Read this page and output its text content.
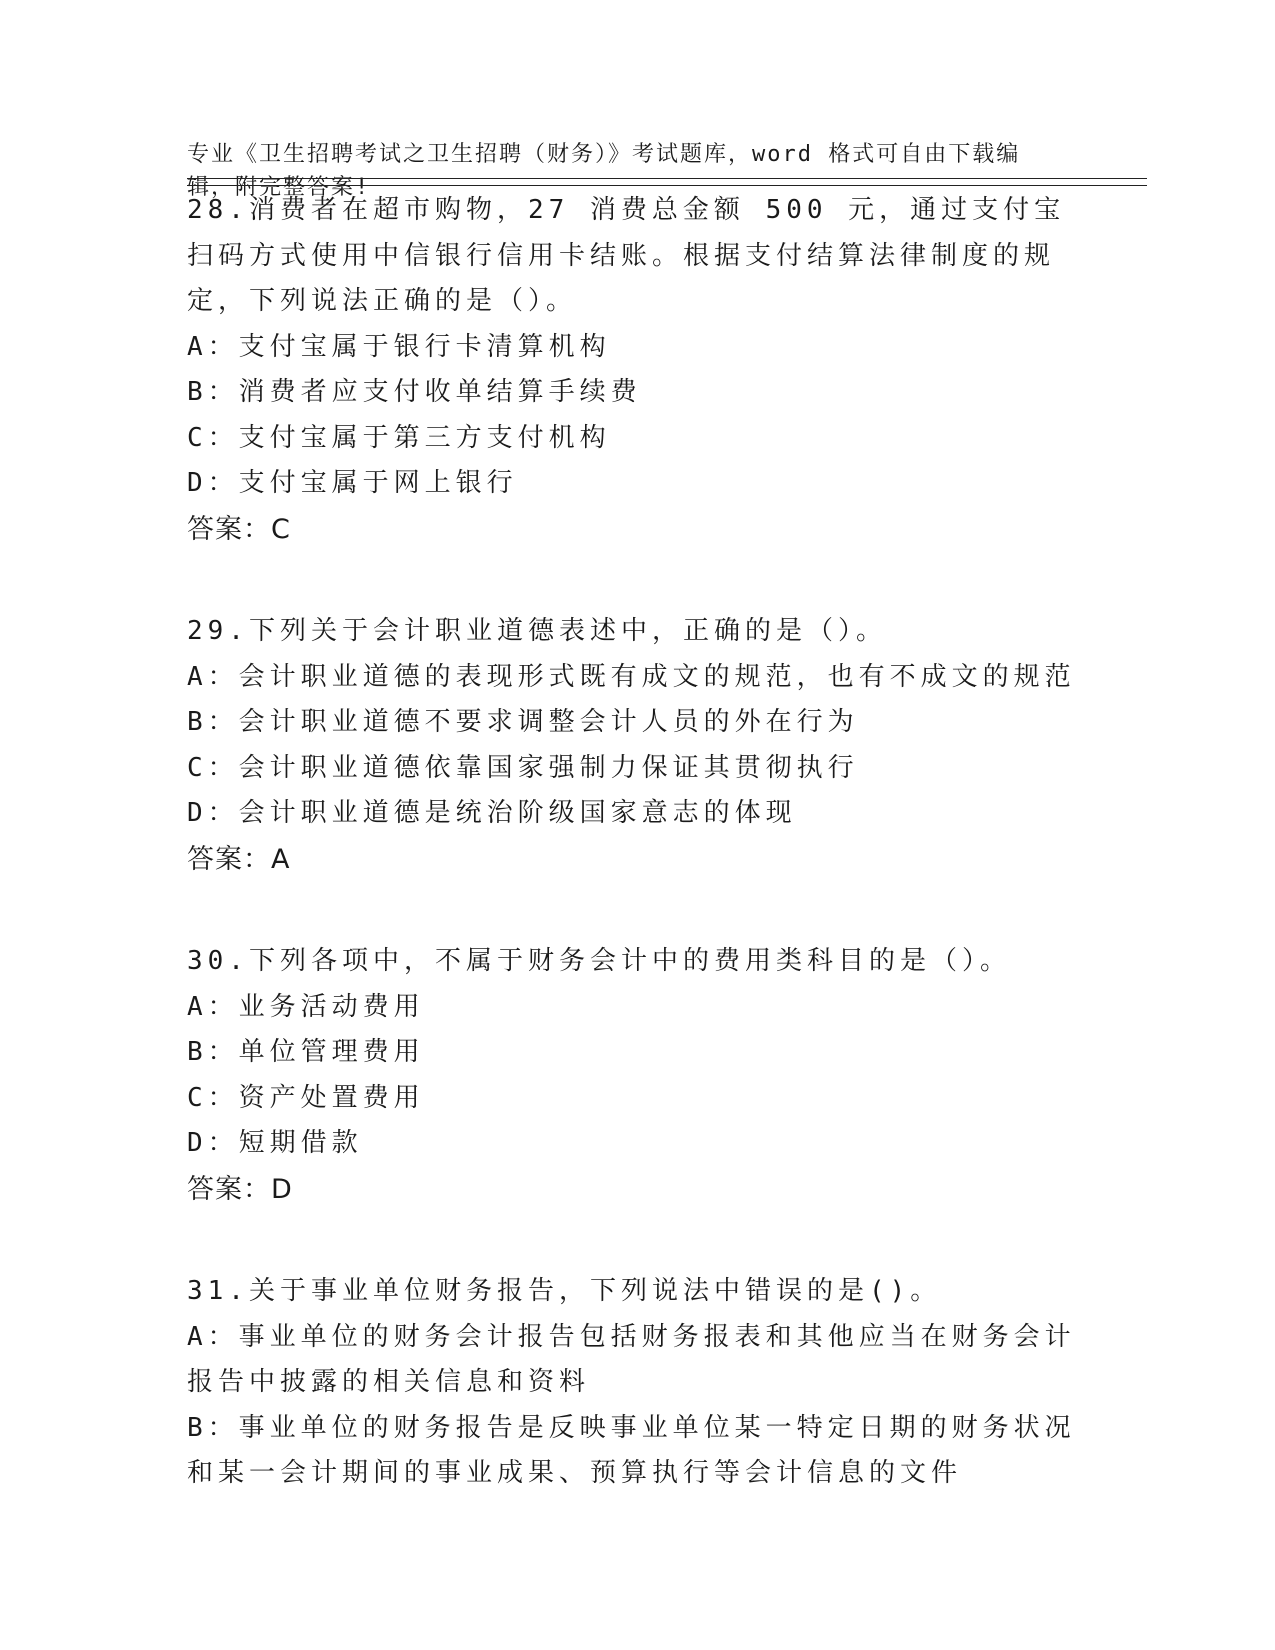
专业《卫生招聘考试之卫生招聘（财务）》考试题库，word 格式可自由下载编辑，附完整答案!

28.消费者在超市购物，27 消费总金额 500 元，通过支付宝扫码方式使用中信银行信用卡结账。根据支付结算法律制度的规定，下列说法正确的是（）。

A：支付宝属于银行卡清算机构

B：消费者应支付收单结算手续费

C：支付宝属于第三方支付机构

D：支付宝属于网上银行

答案：C

29.下列关于会计职业道德表述中，正确的是（）。

A：会计职业道德的表现形式既有成文的规范，也有不成文的规范

B：会计职业道德不要求调整会计人员的外在行为

C：会计职业道德依靠国家强制力保证其贯彻执行

D：会计职业道德是统治阶级国家意志的体现

答案：A

30.下列各项中，不属于财务会计中的费用类科目的是（）。

A：业务活动费用

B：单位管理费用

C：资产处置费用

D：短期借款

答案：D

31.关于事业单位财务报告，下列说法中错误的是()。

A：事业单位的财务会计报告包括财务报表和其他应当在财务会计报告中披露的相关信息和资料

B：事业单位的财务报告是反映事业单位某一特定日期的财务状况和某一会计期间的事业成果、预算执行等会计信息的文件
